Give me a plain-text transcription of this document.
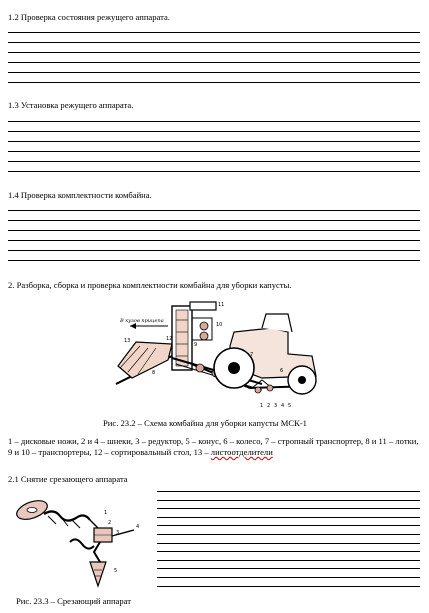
1.2 Проверка состояния режущего аппарата.
1.3 Установка режущего аппарата.
1.4 Проверка комплектности комбайна.
2. Разборка, сборка и проверка комплектности комбайна для уборки капусты.
В кузов прицепа
11
10
13	12
9
8
7
6
1 2 3 4 5
Рис. 23.2 – Схема комбайна для уборки капусты МСК-1
1 – дисковые ножи, 2 и 4 – шнеки, 3 – редуктор, 5 – конус, 6 – колесо, 7 – стропный транспортер, 8 и 11 – лотки, 9 и 10 – транспортеры, 12 – сортировальный стол, 13 – листоотделители
2.1 Снятие срезающего аппарата
1
2
3
4
5
Рис. 23.3 – Срезающий аппарат
